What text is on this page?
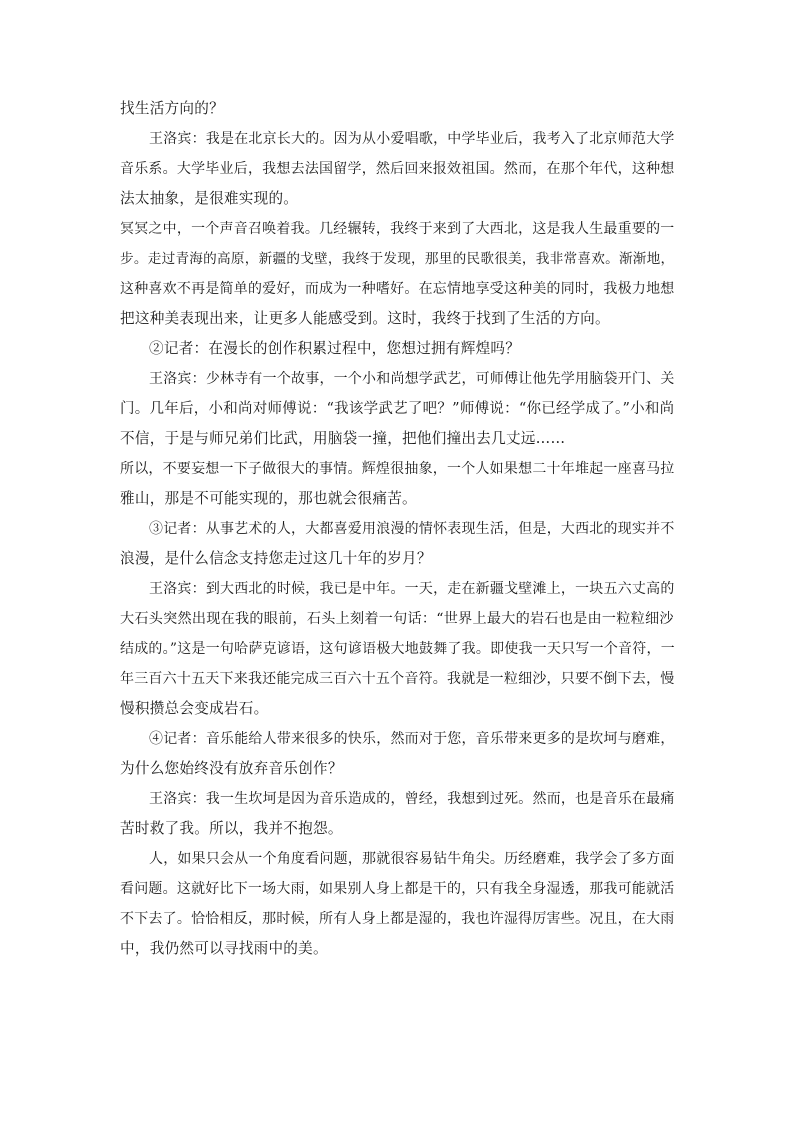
找生活方向的？
王洛宾：我是在北京长大的。因为从小爱唱歌，中学毕业后，我考入了北京师范大学
音乐系。大学毕业后，我想去法国留学，然后回来报效祖国。然而，在那个年代，这种想
法太抽象，是很难实现的。
冥冥之中，一个声音召唤着我。几经辗转，我终于来到了大西北，这是我人生最重要的一
步。走过青海的高原，新疆的戈壁，我终于发现，那里的民歌很美，我非常喜欢。渐渐地，
这种喜欢不再是简单的爱好，而成为一种嗜好。在忘情地享受这种美的同时，我极力地想
把这种美表现出来，让更多人能感受到。这时，我终于找到了生活的方向。
②记者：在漫长的创作积累过程中，您想过拥有辉煌吗？
王洛宾：少林寺有一个故事，一个小和尚想学武艺，可师傅让他先学用脑袋开门、关
门。几年后，小和尚对师傅说：“我该学武艺了吧？”师傅说：“你已经学成了。”小和尚
不信，于是与师兄弟们比武，用脑袋一撞，把他们撞出去几丈远……
所以，不要妄想一下子做很大的事情。辉煌很抽象，一个人如果想二十年堆起一座喜马拉
雅山，那是不可能实现的，那也就会很痛苦。
③记者：从事艺术的人，大都喜爱用浪漫的情怀表现生活，但是，大西北的现实并不
浪漫，是什么信念支持您走过这几十年的岁月？
王洛宾：到大西北的时候，我已是中年。一天，走在新疆戈壁滩上，一块五六丈高的
大石头突然出现在我的眼前，石头上刻着一句话：“世界上最大的岩石也是由一粒粒细沙
结成的。”这是一句哈萨克谚语，这句谚语极大地鼓舞了我。即使我一天只写一个音符，一
年三百六十五天下来我还能完成三百六十五个音符。我就是一粒细沙，只要不倒下去，慢
慢积攒总会变成岩石。
④记者：音乐能给人带来很多的快乐，然而对于您，音乐带来更多的是坎坷与磨难，
为什么您始终没有放弃音乐创作？
王洛宾：我一生坎坷是因为音乐造成的，曾经，我想到过死。然而，也是音乐在最痛
苦时救了我。所以，我并不抱怨。
人，如果只会从一个角度看问题，那就很容易钻牛角尖。历经磨难，我学会了多方面
看问题。这就好比下一场大雨，如果别人身上都是干的，只有我全身湿透，那我可能就活
不下去了。恰恰相反，那时候，所有人身上都是湿的，我也许湿得厉害些。况且，在大雨
中，我仍然可以寻找雨中的美。
